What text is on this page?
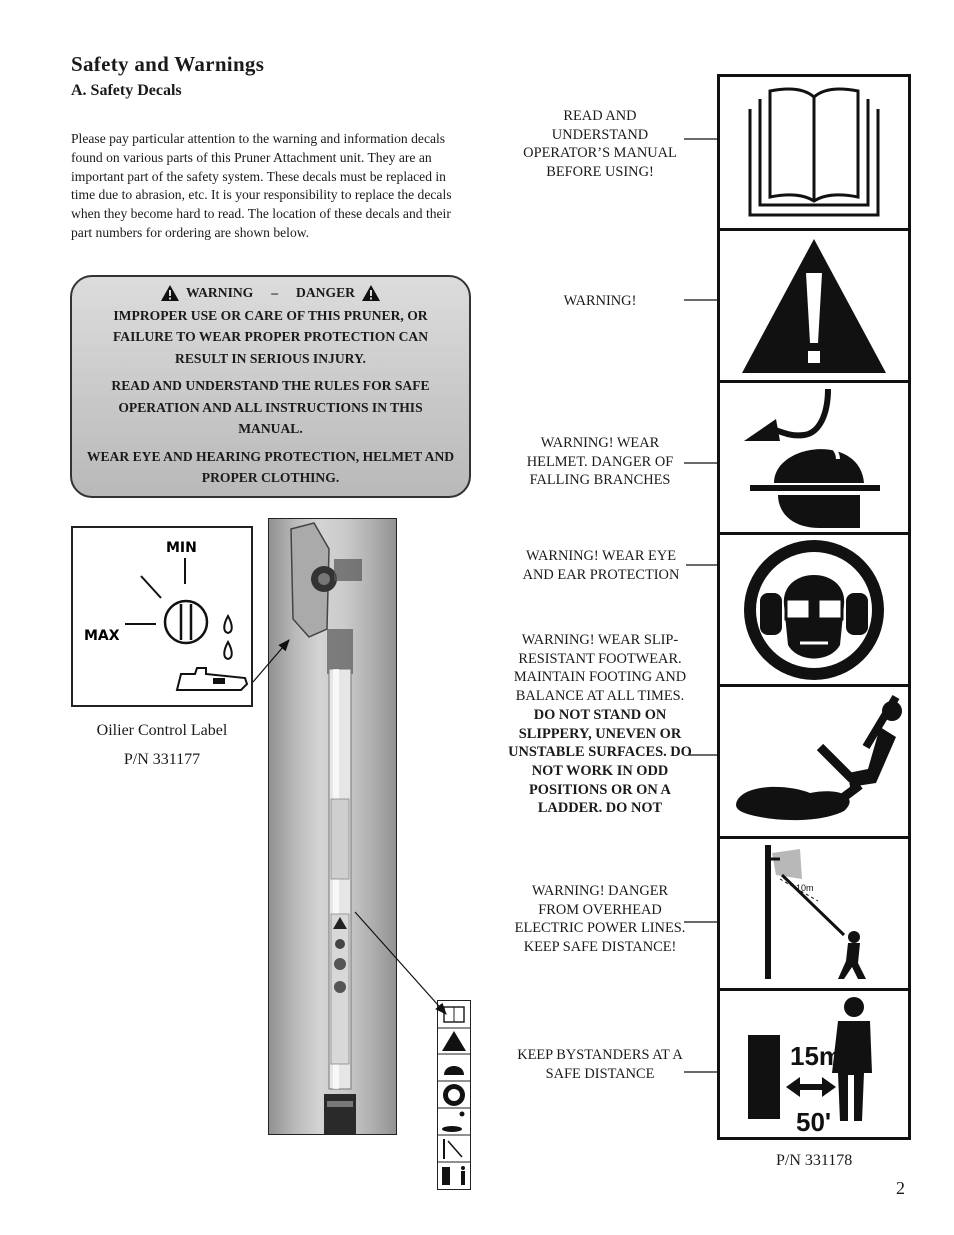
Safety and Warnings
A. Safety Decals
Please pay particular attention to the warning and information decals found on various parts of this Pruner Attachment unit. They are an important part of the safety system. These decals must be replaced in time due to abrasion, etc. It is your responsibility to replace the decals when they become hard to read. The location of these decals and their part numbers for ordering are shown below.
WARNING – DANGER

IMPROPER USE OR CARE OF THIS PRUNER, OR FAILURE TO WEAR PROPER PROTECTION CAN RESULT IN SERIOUS INJURY.

READ AND UNDERSTAND THE RULES FOR SAFE OPERATION AND ALL INSTRUCTIONS IN THIS MANUAL.

WEAR EYE AND HEARING PROTECTION, HELMET AND PROPER CLOTHING.

MIN
MAX
Oilier Control Label
P/N 331177
READ AND UNDERSTAND OPERATOR’S MANUAL BEFORE USING!
WARNING!
WARNING! WEAR HELMET. DANGER OF FALLING BRANCHES
WARNING! WEAR EYE AND EAR PROTECTION
WARNING! WEAR SLIP-RESISTANT FOOTWEAR. MAINTAIN FOOTING AND BALANCE AT ALL TIMES. DO NOT STAND ON SLIPPERY, UNEVEN OR UNSTABLE SURFACES. DO NOT WORK IN ODD POSITIONS OR ON A LADDER. DO NOT
WARNING! DANGER FROM OVERHEAD ELECTRIC POWER LINES. KEEP SAFE DISTANCE!
KEEP BYSTANDERS AT A SAFE DISTANCE
10m
15m
50'
P/N 331178
2
